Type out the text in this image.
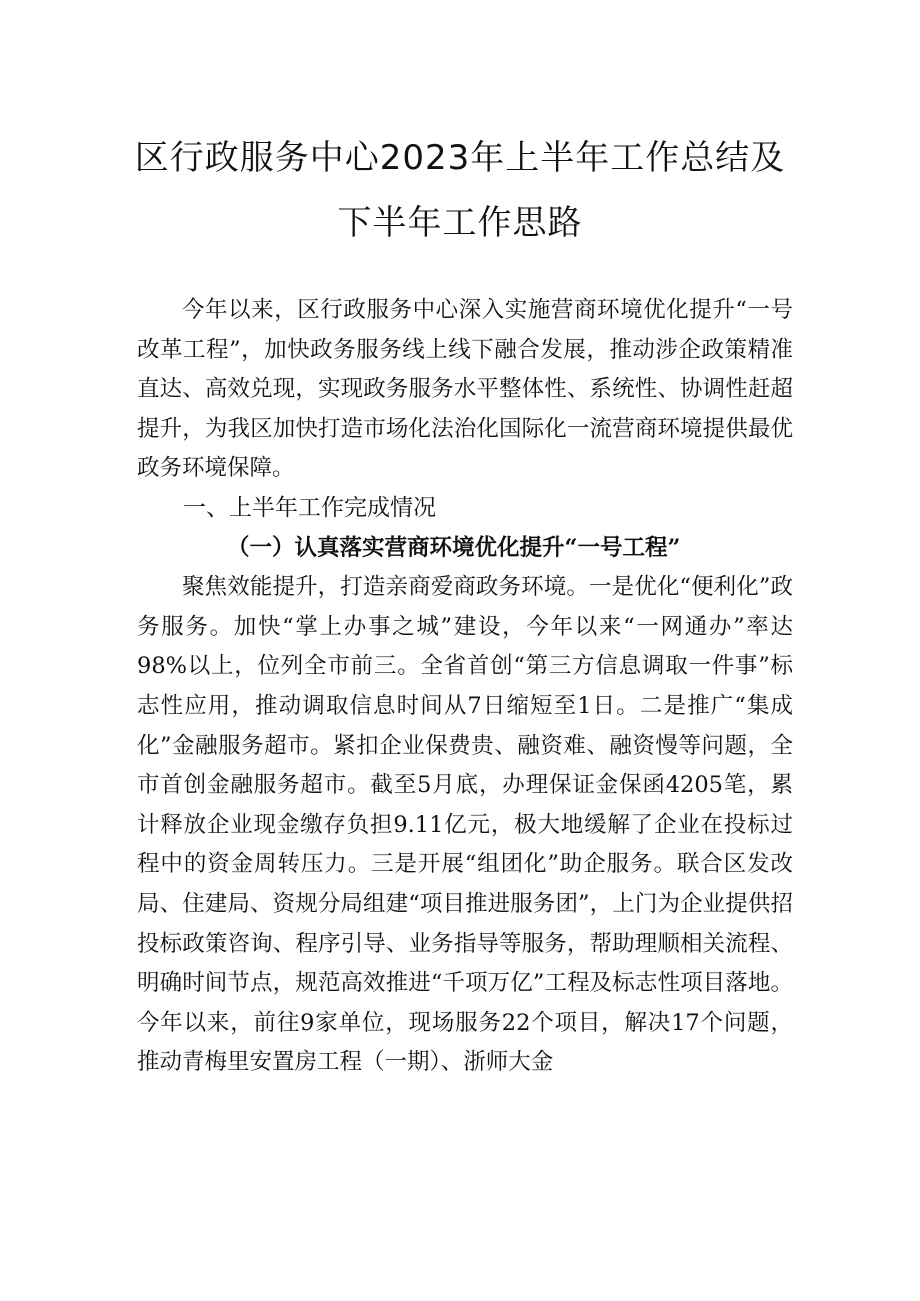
区行政服务中心2023年上半年工作总结及
下半年工作思路

今年以来，区行政服务中心深入实施营商环境优化提升“一号改革工程”，加快政务服务线上线下融合发展，推动涉企政策精准直达、高效兑现，实现政务服务水平整体性、系统性、协调性赶超提升，为我区加快打造市场化法治化国际化一流营商环境提供最优政务环境保障。

一、上半年工作完成情况
（一）认真落实营商环境优化提升“一号工程”

聚焦效能提升，打造亲商爱商政务环境。一是优化“便利化”政务服务。加快“掌上办事之城”建设，今年以来“一网通办”率达98%以上，位列全市前三。全省首创“第三方信息调取一件事”标志性应用，推动调取信息时间从7日缩短至1日。二是推广“集成化”金融服务超市。紧扣企业保费贵、融资难、融资慢等问题，全市首创金融服务超市。截至5月底，办理保证金保函4205笔，累计释放企业现金缴存负担9.11亿元，极大地缓解了企业在投标过程中的资金周转压力。三是开展“组团化”助企服务。联合区发改局、住建局、资规分局组建“项目推进服务团”，上门为企业提供招投标政策咨询、程序引导、业务指导等服务，帮助理顺相关流程、明确时间节点，规范高效推进“千项万亿”工程及标志性项目落地。今年以来，前往9家单位，现场服务22个项目，解决17个问题，推动青梅里安置房工程（一期）、浙师大金
